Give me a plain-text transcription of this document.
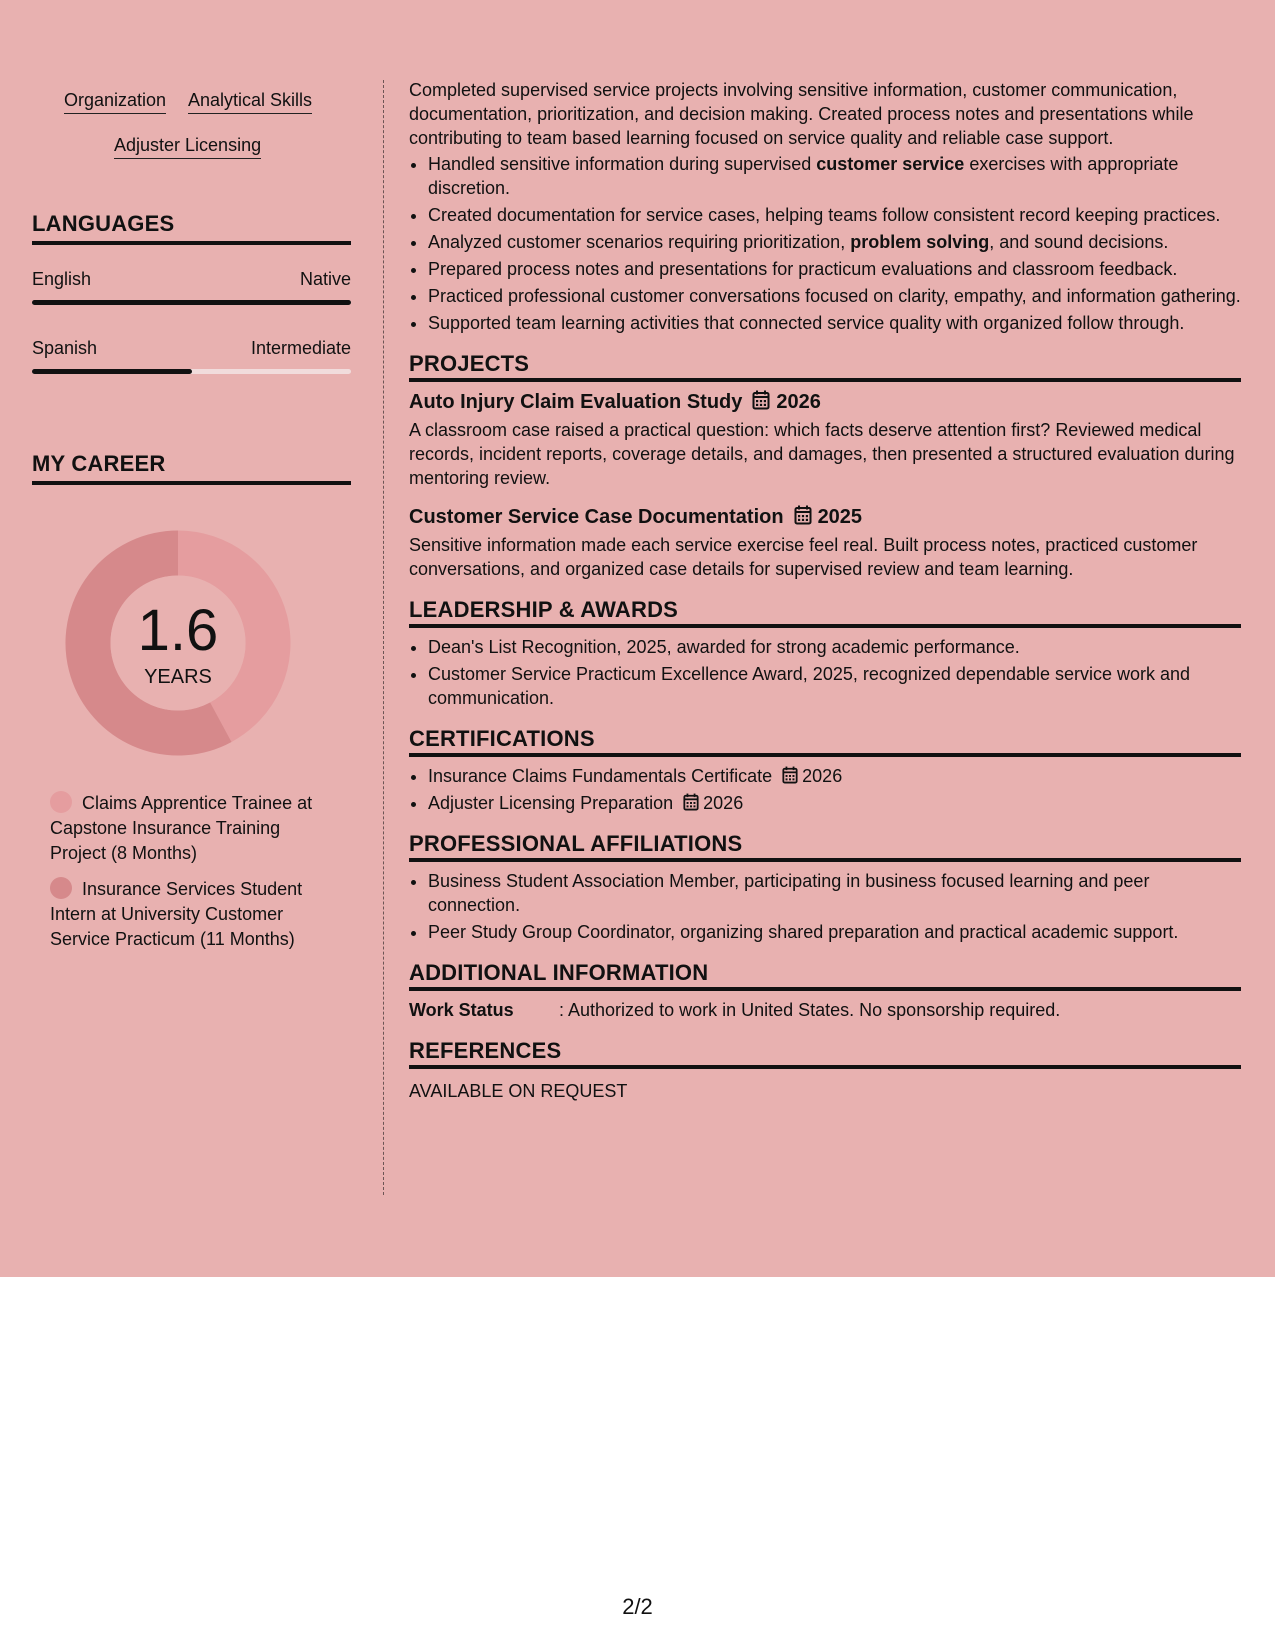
Organization Analytical Skills
Adjuster Licensing
LANGUAGES
English	Native
Spanish	Intermediate
MY CAREER
1.6
YEARS
Claims Apprentice Trainee at Capstone Insurance Training Project (8 Months)
Insurance Services Student Intern at University Customer Service Practicum (11 Months)

Completed supervised service projects involving sensitive information, customer communication, documentation, prioritization, and decision making. Created process notes and presentations while contributing to team based learning focused on service quality and reliable case support.

• Handled sensitive information during supervised customer service exercises with appropriate discretion.
• Created documentation for service cases, helping teams follow consistent record keeping practices.
• Analyzed customer scenarios requiring prioritization, problem solving, and sound decisions.
• Prepared process notes and presentations for practicum evaluations and classroom feedback.
• Practiced professional customer conversations focused on clarity, empathy, and information gathering.
• Supported team learning activities that connected service quality with organized follow through.
PROJECTS
Auto Injury Claim Evaluation Study 2026

A classroom case raised a practical question: which facts deserve attention first? Reviewed medical records, incident reports, coverage details, and damages, then presented a structured evaluation during mentoring review.

Customer Service Case Documentation 2025

Sensitive information made each service exercise feel real. Built process notes, practiced customer conversations, and organized case details for supervised review and team learning.

LEADERSHIP & AWARDS
• Dean's List Recognition, 2025, awarded for strong academic performance.
• Customer Service Practicum Excellence Award, 2025, recognized dependable service work and communication.
CERTIFICATIONS
• Insurance Claims Fundamentals Certificate 2026
• Adjuster Licensing Preparation 2026
PROFESSIONAL AFFILIATIONS
• Business Student Association Member, participating in business focused learning and peer connection.
• Peer Study Group Coordinator, organizing shared preparation and practical academic support.
ADDITIONAL INFORMATION
Work Status	: Authorized to work in United States. No sponsorship required.
REFERENCES

AVAILABLE ON REQUEST

2/2
